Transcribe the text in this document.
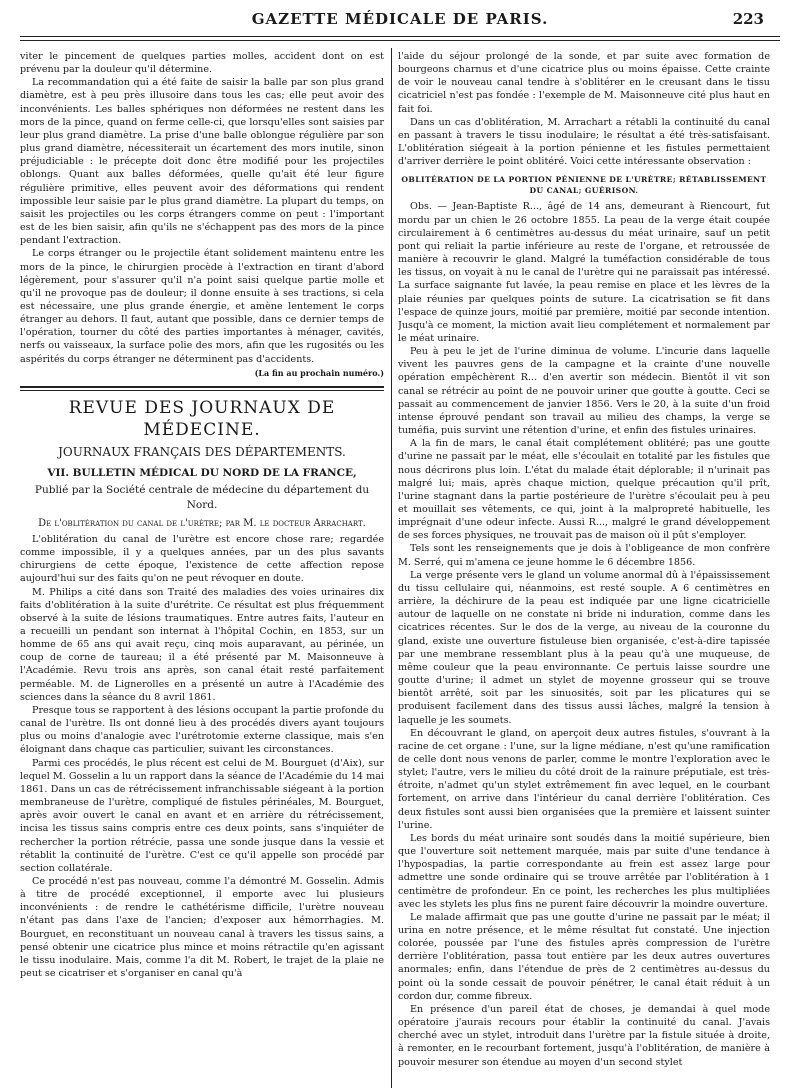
GAZETTE MÉDICALE DE PARIS.	223

viter le pincement de quelques parties molles, accident dont on est prévenu par la douleur qu'il détermine.

La recommandation qui a été faite de saisir la balle par son plus grand diamètre, est à peu près illusoire dans tous les cas; elle peut avoir des inconvénients. Les balles sphériques non déformées ne restent dans les mors de la pince, quand on ferme celle-ci, que lorsqu'elles sont saisies par leur plus grand diamètre. La prise d'une balle oblongue régulière par son plus grand diamètre, nécessiterait un écartement des mors inutile, sinon préjudiciable : le précepte doit donc être modifié pour les projectiles oblongs. Quant aux balles déformées, quelle qu'ait été leur figure régulière primitive, elles peuvent avoir des déformations qui rendent impossible leur saisie par le plus grand diamètre. La plupart du temps, on saisit les projectiles ou les corps étrangers comme on peut : l'important est de les bien saisir, afin qu'ils ne s'échappent pas des mors de la pince pendant l'extraction.

Le corps étranger ou le projectile étant solidement maintenu entre les mors de la pince, le chirurgien procède à l'extraction en tirant d'abord légèrement, pour s'assurer qu'il n'a point saisi quelque partie molle et qu'il ne provoque pas de douleur; il donne ensuite à ses tractions, si cela est nécessaire, une plus grande énergie, et amène lentement le corps étranger au dehors. Il faut, autant que possible, dans ce dernier temps de l'opération, tourner du côté des parties importantes à ménager, cavités, nerfs ou vaisseaux, la surface polie des mors, afin que les rugosités ou les aspérités du corps étranger ne déterminent pas d'accidents.

(La fin au prochain numéro.)
REVUE DES JOURNAUX DE MÉDECINE.
JOURNAUX FRANÇAIS DES DÉPARTEMENTS.
VII. BULLETIN MÉDICAL DU NORD DE LA FRANCE,
Publié par la Société centrale de médecine du département du Nord.
De l'oblitération du canal de l'urètre; par M. le docteur Arrachart.

L'oblitération du canal de l'urètre est encore chose rare; regardée comme impossible, il y a quelques années, par un des plus savants chirurgiens de cette époque, l'existence de cette affection repose aujourd'hui sur des faits qu'on ne peut révoquer en doute.

M. Philips a cité dans son Traité des maladies des voies urinaires dix faits d'oblitération à la suite d'urétrite. Ce résultat est plus fréquemment observé à la suite de lésions traumatiques. Entre autres faits, l'auteur en a recueilli un pendant son internat à l'hôpital Cochin, en 1853, sur un homme de 65 ans qui avait reçu, cinq mois auparavant, au périnée, un coup de corne de taureau; il a été présenté par M. Maisonneuve à l'Académie. Revu trois ans après, son canal était resté parfaitement perméable. M. de Lignerolles en a présenté un autre à l'Académie des sciences dans la séance du 8 avril 1861.

Presque tous se rapportent à des lésions occupant la partie profonde du canal de l'urètre. Ils ont donné lieu à des procédés divers ayant toujours plus ou moins d'analogie avec l'urétrotomie externe classique, mais s'en éloignant dans chaque cas particulier, suivant les circonstances.

Parmi ces procédés, le plus récent est celui de M. Bourguet (d'Aix), sur lequel M. Gosselin a lu un rapport dans la séance de l'Académie du 14 mai 1861. Dans un cas de rétrécissement infranchissable siégeant à la portion membraneuse de l'urètre, compliqué de fistules périnéales, M. Bourguet, après avoir ouvert le canal en avant et en arrière du rétrécissement, incisa les tissus sains compris entre ces deux points, sans s'inquiéter de rechercher la portion rétrécie, passa une sonde jusque dans la vessie et rétablit la continuité de l'urètre. C'est ce qu'il appelle son procédé par section collatérale.

Ce procédé n'est pas nouveau, comme l'a démontré M. Gosselin. Admis à titre de procédé exceptionnel, il emporte avec lui plusieurs inconvénients : de rendre le cathétérisme difficile, l'urètre nouveau n'étant pas dans l'axe de l'ancien; d'exposer aux hémorrhagies. M. Bourguet, en reconstituant un nouveau canal à travers les tissus sains, a pensé obtenir une cicatrice plus mince et moins rétractile qu'en agissant le tissu inodulaire. Mais, comme l'a dit M. Robert, le trajet de la plaie ne peut se cicatriser et s'organiser en canal qu'à

l'aide du séjour prolongé de la sonde, et par suite avec formation de bourgeons charnus et d'une cicatrice plus ou moins épaisse. Cette crainte de voir le nouveau canal tendre à s'oblitérer en le creusant dans le tissu cicatriciel n'est pas fondée : l'exemple de M. Maisonneuve cité plus haut en fait foi.

Dans un cas d'oblitération, M. Arrachart a rétabli la continuité du canal en passant à travers le tissu inodulaire; le résultat a été très-satisfaisant. L'oblitération siégeait à la portion pénienne et les fistules permettaient d'arriver derrière le point oblitéré. Voici cette intéressante observation :

OBLITÉRATION DE LA PORTION PÉNIENNE DE L'URÈTRE; RÉTABLISSEMENT DU CANAL; GUÉRISON.

Obs. — Jean-Baptiste R..., âgé de 14 ans, demeurant à Riencourt, fut mordu par un chien le 26 octobre 1855. La peau de la verge était coupée circulairement à 6 centimètres au-dessus du méat urinaire, sauf un petit pont qui reliait la partie inférieure au reste de l'organe, et retroussée de manière à recouvrir le gland. Malgré la tuméfaction considérable de tous les tissus, on voyait à nu le canal de l'urètre qui ne paraissait pas intéressé. La surface saignante fut lavée, la peau remise en place et les lèvres de la plaie réunies par quelques points de suture. La cicatrisation se fit dans l'espace de quinze jours, moitié par première, moitié par seconde intention. Jusqu'à ce moment, la miction avait lieu complétement et normalement par le méat urinaire.

Peu à peu le jet de l'urine diminua de volume. L'incurie dans laquelle vivent les pauvres gens de la campagne et la crainte d'une nouvelle opération empêchèrent R... d'en avertir son médecin. Bientôt il vit son canal se rétrécir au point de ne pouvoir uriner que goutte à goutte. Ceci se passait au commencement de janvier 1856. Vers le 20, à la suite d'un froid intense éprouvé pendant son travail au milieu des champs, la verge se tuméfia, puis survint une rétention d'urine, et enfin des fistules urinaires.

A la fin de mars, le canal était complétement oblitéré; pas une goutte d'urine ne passait par le méat, elle s'écoulait en totalité par les fistules que nous décrirons plus loin. L'état du malade était déplorable; il n'urinait pas malgré lui; mais, après chaque miction, quelque précaution qu'il prît, l'urine stagnant dans la partie postérieure de l'urètre s'écoulait peu à peu et mouillait ses vêtements, ce qui, joint à la malpropreté habituelle, les imprégnait d'une odeur infecte. Aussi R..., malgré le grand développement de ses forces physiques, ne trouvait pas de maison où il pût s'employer.

Tels sont les renseignements que je dois à l'obligeance de mon confrère M. Serré, qui m'amena ce jeune homme le 6 décembre 1856.

La verge présente vers le gland un volume anormal dû à l'épaississement du tissu cellulaire qui, néanmoins, est resté souple. A 6 centimètres en arrière, la déchirure de la peau est indiquée par une ligne cicatricielle autour de laquelle on ne constate ni bride ni induration, comme dans les cicatrices récentes. Sur le dos de la verge, au niveau de la couronne du gland, existe une ouverture fistuleuse bien organisée, c'est-à-dire tapissée par une membrane ressemblant plus à la peau qu'à une muqueuse, de même couleur que la peau environnante. Ce pertuis laisse sourdre une goutte d'urine; il admet un stylet de moyenne grosseur qui se trouve bientôt arrêté, soit par les sinuosités, soit par les plicatures qui se produisent facilement dans des tissus aussi lâches, malgré la tension à laquelle je les soumets.

En découvrant le gland, on aperçoit deux autres fistules, s'ouvrant à la racine de cet organe : l'une, sur la ligne médiane, n'est qu'une ramification de celle dont nous venons de parler, comme le montre l'exploration avec le stylet; l'autre, vers le milieu du côté droit de la rainure préputiale, est très-étroite, n'admet qu'un stylet extrêmement fin avec lequel, en le courbant fortement, on arrive dans l'intérieur du canal derrière l'oblitération. Ces deux fistules sont aussi bien organisées que la première et laissent suinter l'urine.

Les bords du méat urinaire sont soudés dans la moitié supérieure, bien que l'ouverture soit nettement marquée, mais par suite d'une tendance à l'hypospadias, la partie correspondante au frein est assez large pour admettre une sonde ordinaire qui se trouve arrêtée par l'oblitération à 1 centimètre de profondeur. En ce point, les recherches les plus multipliées avec les stylets les plus fins ne purent faire découvrir la moindre ouverture.

Le malade affirmait que pas une goutte d'urine ne passait par le méat; il urina en notre présence, et le même résultat fut constaté. Une injection colorée, poussée par l'une des fistules après compression de l'urètre derrière l'oblitération, passa tout entière par les deux autres ouvertures anormales; enfin, dans l'étendue de près de 2 centimètres au-dessus du point où la sonde cessait de pouvoir pénétrer, le canal était réduit à un cordon dur, comme fibreux.

En présence d'un pareil état de choses, je demandai à quel mode opératoire j'aurais recours pour établir la continuité du canal. J'avais cherché avec un stylet, introduit dans l'urètre par la fistule située à droite, à remonter, en le recourbant fortement, jusqu'à l'oblitération, de manière à pouvoir mesurer son étendue au moyen d'un second stylet
